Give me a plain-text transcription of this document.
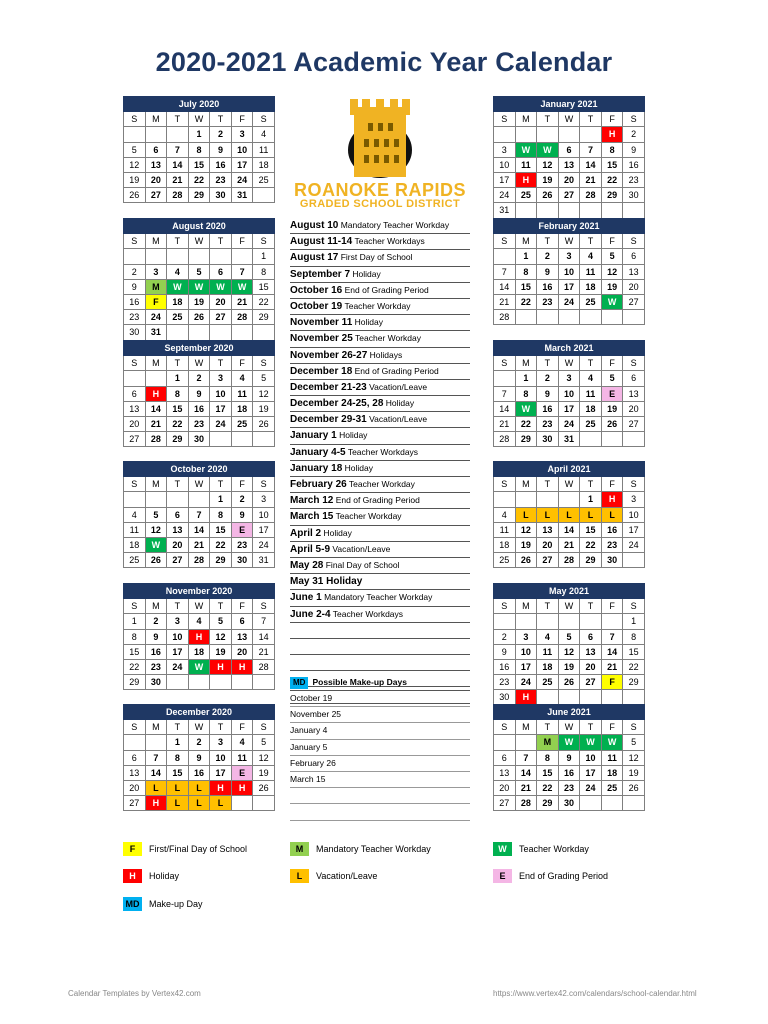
2020-2021 Academic Year Calendar
July 2020						
S	M	T	W	T	F	S
			1	2	3	4
5	6	7	8	9	10	11
12	13	14	15	16	17	18
19	20	21	22	23	24	25
26	27	28	29	30	31	
August 2020						
S	M	T	W	T	F	S
						1
2	3	4	5	6	7	8
9	M	W	W	W	W	15
16	F	18	19	20	21	22
23	24	25	26	27	28	29
30	31					
September 2020						
S	M	T	W	T	F	S
		1	2	3	4	5
6	H	8	9	10	11	12
13	14	15	16	17	18	19
20	21	22	23	24	25	26
27	28	29	30			
October 2020						
S	M	T	W	T	F	S
				1	2	3
4	5	6	7	8	9	10
11	12	13	14	15	E	17
18	W	20	21	22	23	24
25	26	27	28	29	30	31
November 2020						
S	M	T	W	T	F	S
1	2	3	4	5	6	7
8	9	10	H	12	13	14
15	16	17	18	19	20	21
22	23	24	W	H	H	28
29	30					
December 2020						
S	M	T	W	T	F	S
		1	2	3	4	5
6	7	8	9	10	11	12
13	14	15	16	17	E	19
20	L	L	L	H	H	26
27	H	L	L	L		
January 2021						
S	M	T	W	T	F	S
					H	2
3	W	W	6	7	8	9
10	11	12	13	14	15	16
17	H	19	20	21	22	23
24	25	26	27	28	29	30
31						
February 2021						
S	M	T	W	T	F	S
	1	2	3	4	5	6
7	8	9	10	11	12	13
14	15	16	17	18	19	20
21	22	23	24	25	W	27
28						
March 2021						
S	M	T	W	T	F	S
	1	2	3	4	5	6
7	8	9	10	11	E	13
14	W	16	17	18	19	20
21	22	23	24	25	26	27
28	29	30	31			
April 2021						
S	M	T	W	T	F	S
				1	H	3
4	L	L	L	L	L	10
11	12	13	14	15	16	17
18	19	20	21	22	23	24
25	26	27	28	29	30	
May 2021						
S	M	T	W	T	F	S
						1
2	3	4	5	6	7	8
9	10	11	12	13	14	15
16	17	18	19	20	21	22
23	24	25	26	27	F	29
30	H					
June 2021						
S	M	T	W	T	F	S
		M	W	W	W	5
6	7	8	9	10	11	12
13	14	15	16	17	18	19
20	21	22	23	24	25	26
27	28	29	30			
ROANOKE RAPIDS
GRADED SCHOOL DISTRICT
August 10 Mandatory Teacher Workday
August 11-14 Teacher Workdays
August 17 First Day of School
September 7 Holiday
October 16 End of Grading Period
October 19 Teacher Workday
November 11 Holiday
November 25 Teacher Workday
November 26-27 Holidays
December 18 End of Grading Period
December 21-23 Vacation/Leave
December 24-25, 28 Holiday
December 29-31 Vacation/Leave
January 1 Holiday
January 4-5 Teacher Workdays
January 18 Holiday
February 26 Teacher Workday
March 12 End of Grading Period
March 15 Teacher Workday
April 2 Holiday
April 5-9 Vacation/Leave
May 28 Final Day of School
May 31 Holiday
June 1 Mandatory Teacher Workday
June 2-4 Teacher Workdays
MD Possible Make-up Days
October 19
November 25
January 4
January 5
February 26
March 15
F	First/Final Day of School	M	Mandatory Teacher Workday	W	Teacher Workday
H	Holiday	L	Vacation/Leave	E	End of Grading Period
MD Make-up Day
Calendar Templates by Vertex42.com	https://www.vertex42.com/calendars/school-calendar.html
